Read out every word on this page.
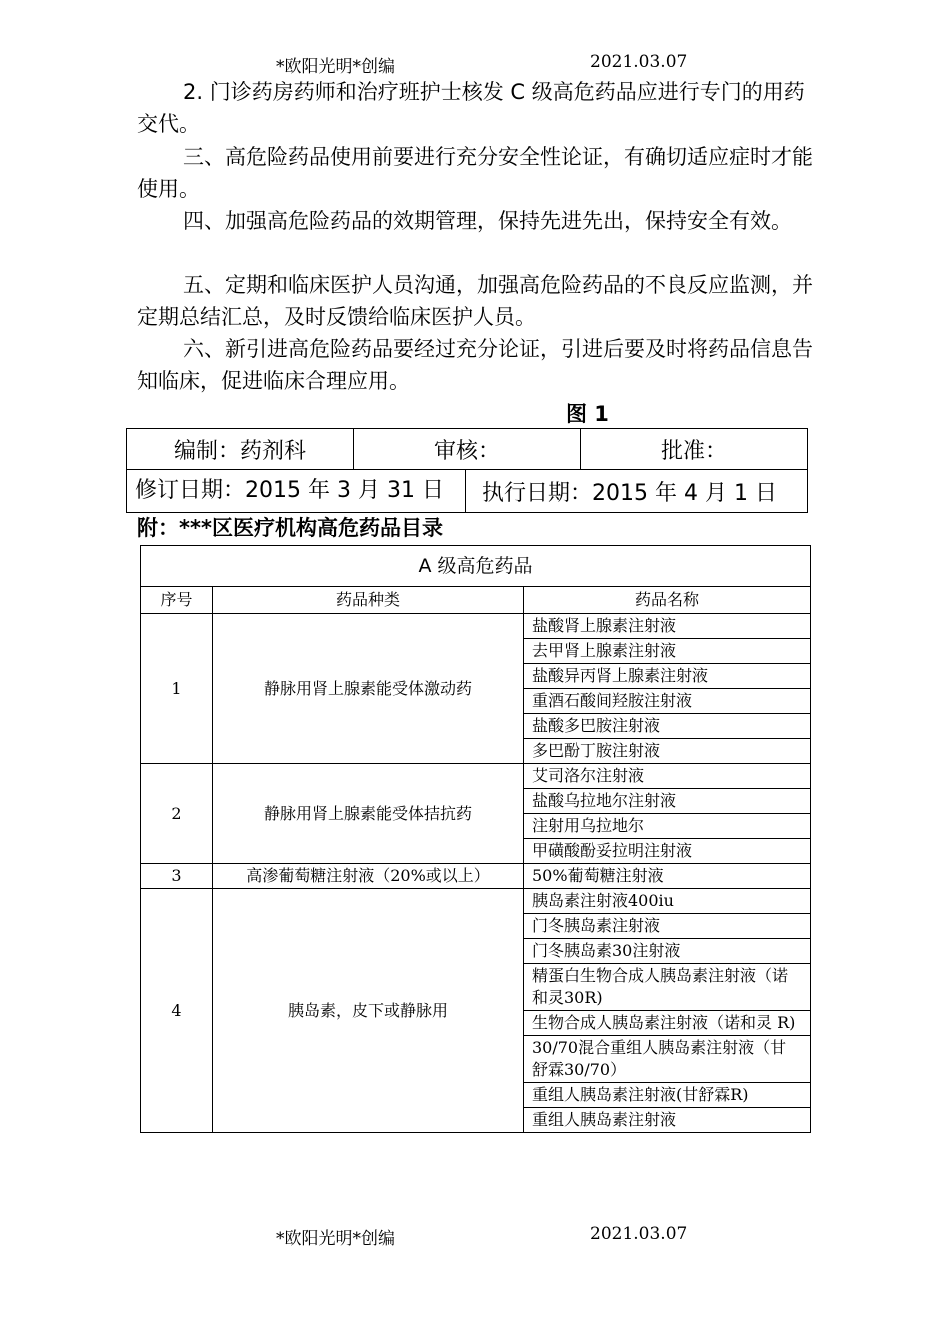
*欧阳光明*创编	2021.03.07

2. 门诊药房药师和治疗班护士核发 C 级高危药品应进行专门的用药交代。

三、高危险药品使用前要进行充分安全性论证，有确切适应症时才能使用。

四、加强高危险药品的效期管理，保持先进先出，保持安全有效。

五、定期和临床医护人员沟通，加强高危险药品的不良反应监测，并定期总结汇总，及时反馈给临床医护人员。

六、新引进高危险药品要经过充分论证，引进后要及时将药品信息告知临床，促进临床合理应用。

图 1
编制：药剂科	审核：	批准：

修订日期：2015 年 3 月 31 日	执行日期：2015 年 4 月 1 日
附：***区医疗机构高危药品目录
A 级高危药品		
序号	药品种类	药品名称
1	静脉用肾上腺素能受体激动药	盐酸肾上腺素注射液
		去甲肾上腺素注射液
		盐酸异丙肾上腺素注射液
		重酒石酸间羟胺注射液
		盐酸多巴胺注射液
		多巴酚丁胺注射液
2	静脉用肾上腺素能受体拮抗药	艾司洛尔注射液
		盐酸乌拉地尔注射液
		注射用乌拉地尔
		甲磺酸酚妥拉明注射液
3	高渗葡萄糖注射液（20%或以上）	50%葡萄糖注射液
4	胰岛素，皮下或静脉用	胰岛素注射液400iu
		门冬胰岛素注射液
		门冬胰岛素30注射液
		精蛋白生物合成人胰岛素注射液（诺和灵30R)
		生物合成人胰岛素注射液（诺和灵 R)
		30/70混合重组人胰岛素注射液（甘舒霖30/70）
		重组人胰岛素注射液(甘舒霖R)
		重组人胰岛素注射液
*欧阳光明*创编	2021.03.07
